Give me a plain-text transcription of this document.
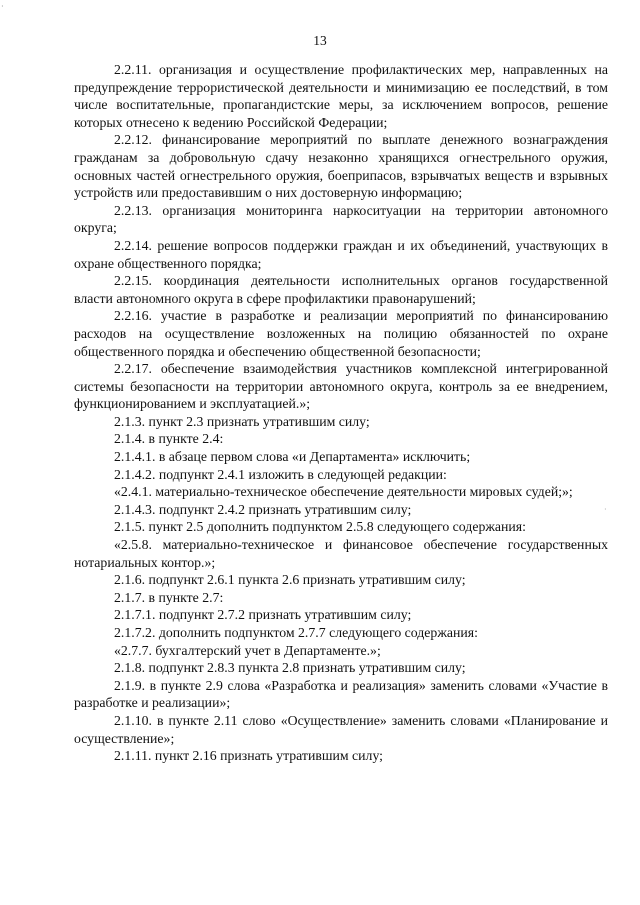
·
13

2.2.11. организация и осуществление профилактических мер, направленных на предупреждение террористической деятельности и минимизацию ее последствий, в том числе воспитательные, пропагандистские меры, за исключением вопросов, решение которых отнесено к ведению Российской Федерации;

2.2.12. финансирование мероприятий по выплате денежного вознаграждения гражданам за добровольную сдачу незаконно хранящихся огнестрельного оружия, основных частей огнестрельного оружия, боеприпасов, взрывчатых веществ и взрывных устройств или предоставившим о них достоверную информацию;

2.2.13. организация мониторинга наркоситуации на территории автономного округа;

2.2.14. решение вопросов поддержки граждан и их объединений, участвующих в охране общественного порядка;

2.2.15. координация деятельности исполнительных органов государственной власти автономного округа в сфере профилактики правонарушений;

2.2.16. участие в разработке и реализации мероприятий по финансированию расходов на осуществление возложенных на полицию обязанностей по охране общественного порядка и обеспечению общественной безопасности;

2.2.17. обеспечение взаимодействия участников комплексной интегрированной системы безопасности на территории автономного округа, контроль за ее внедрением, функционированием и эксплуатацией.»;

2.1.3. пункт 2.3 признать утратившим силу;

2.1.4. в пункте 2.4:

2.1.4.1. в абзаце первом слова «и Департамента» исключить;

2.1.4.2. подпункт 2.4.1 изложить в следующей редакции:

«2.4.1. материально-техническое обеспечение деятельности мировых судей;»;

2.1.4.3. подпункт 2.4.2 признать утратившим силу;

2.1.5. пункт 2.5 дополнить подпунктом 2.5.8 следующего содержания:

«2.5.8. материально-техническое и финансовое обеспечение государственных нотариальных контор.»;

2.1.6. подпункт 2.6.1 пункта 2.6 признать утратившим силу;

2.1.7. в пункте 2.7:

2.1.7.1. подпункт 2.7.2 признать утратившим силу;

2.1.7.2. дополнить подпунктом 2.7.7 следующего содержания:

«2.7.7. бухгалтерский учет в Департаменте.»;

2.1.8. подпункт 2.8.3 пункта 2.8 признать утратившим силу;

2.1.9. в пункте 2.9 слова «Разработка и реализация» заменить словами «Участие в разработке и реализации»;

2.1.10. в пункте 2.11 слово «Осуществление» заменить словами «Планирование и осуществление»;

2.1.11. пункт 2.16 признать утратившим силу;

·
